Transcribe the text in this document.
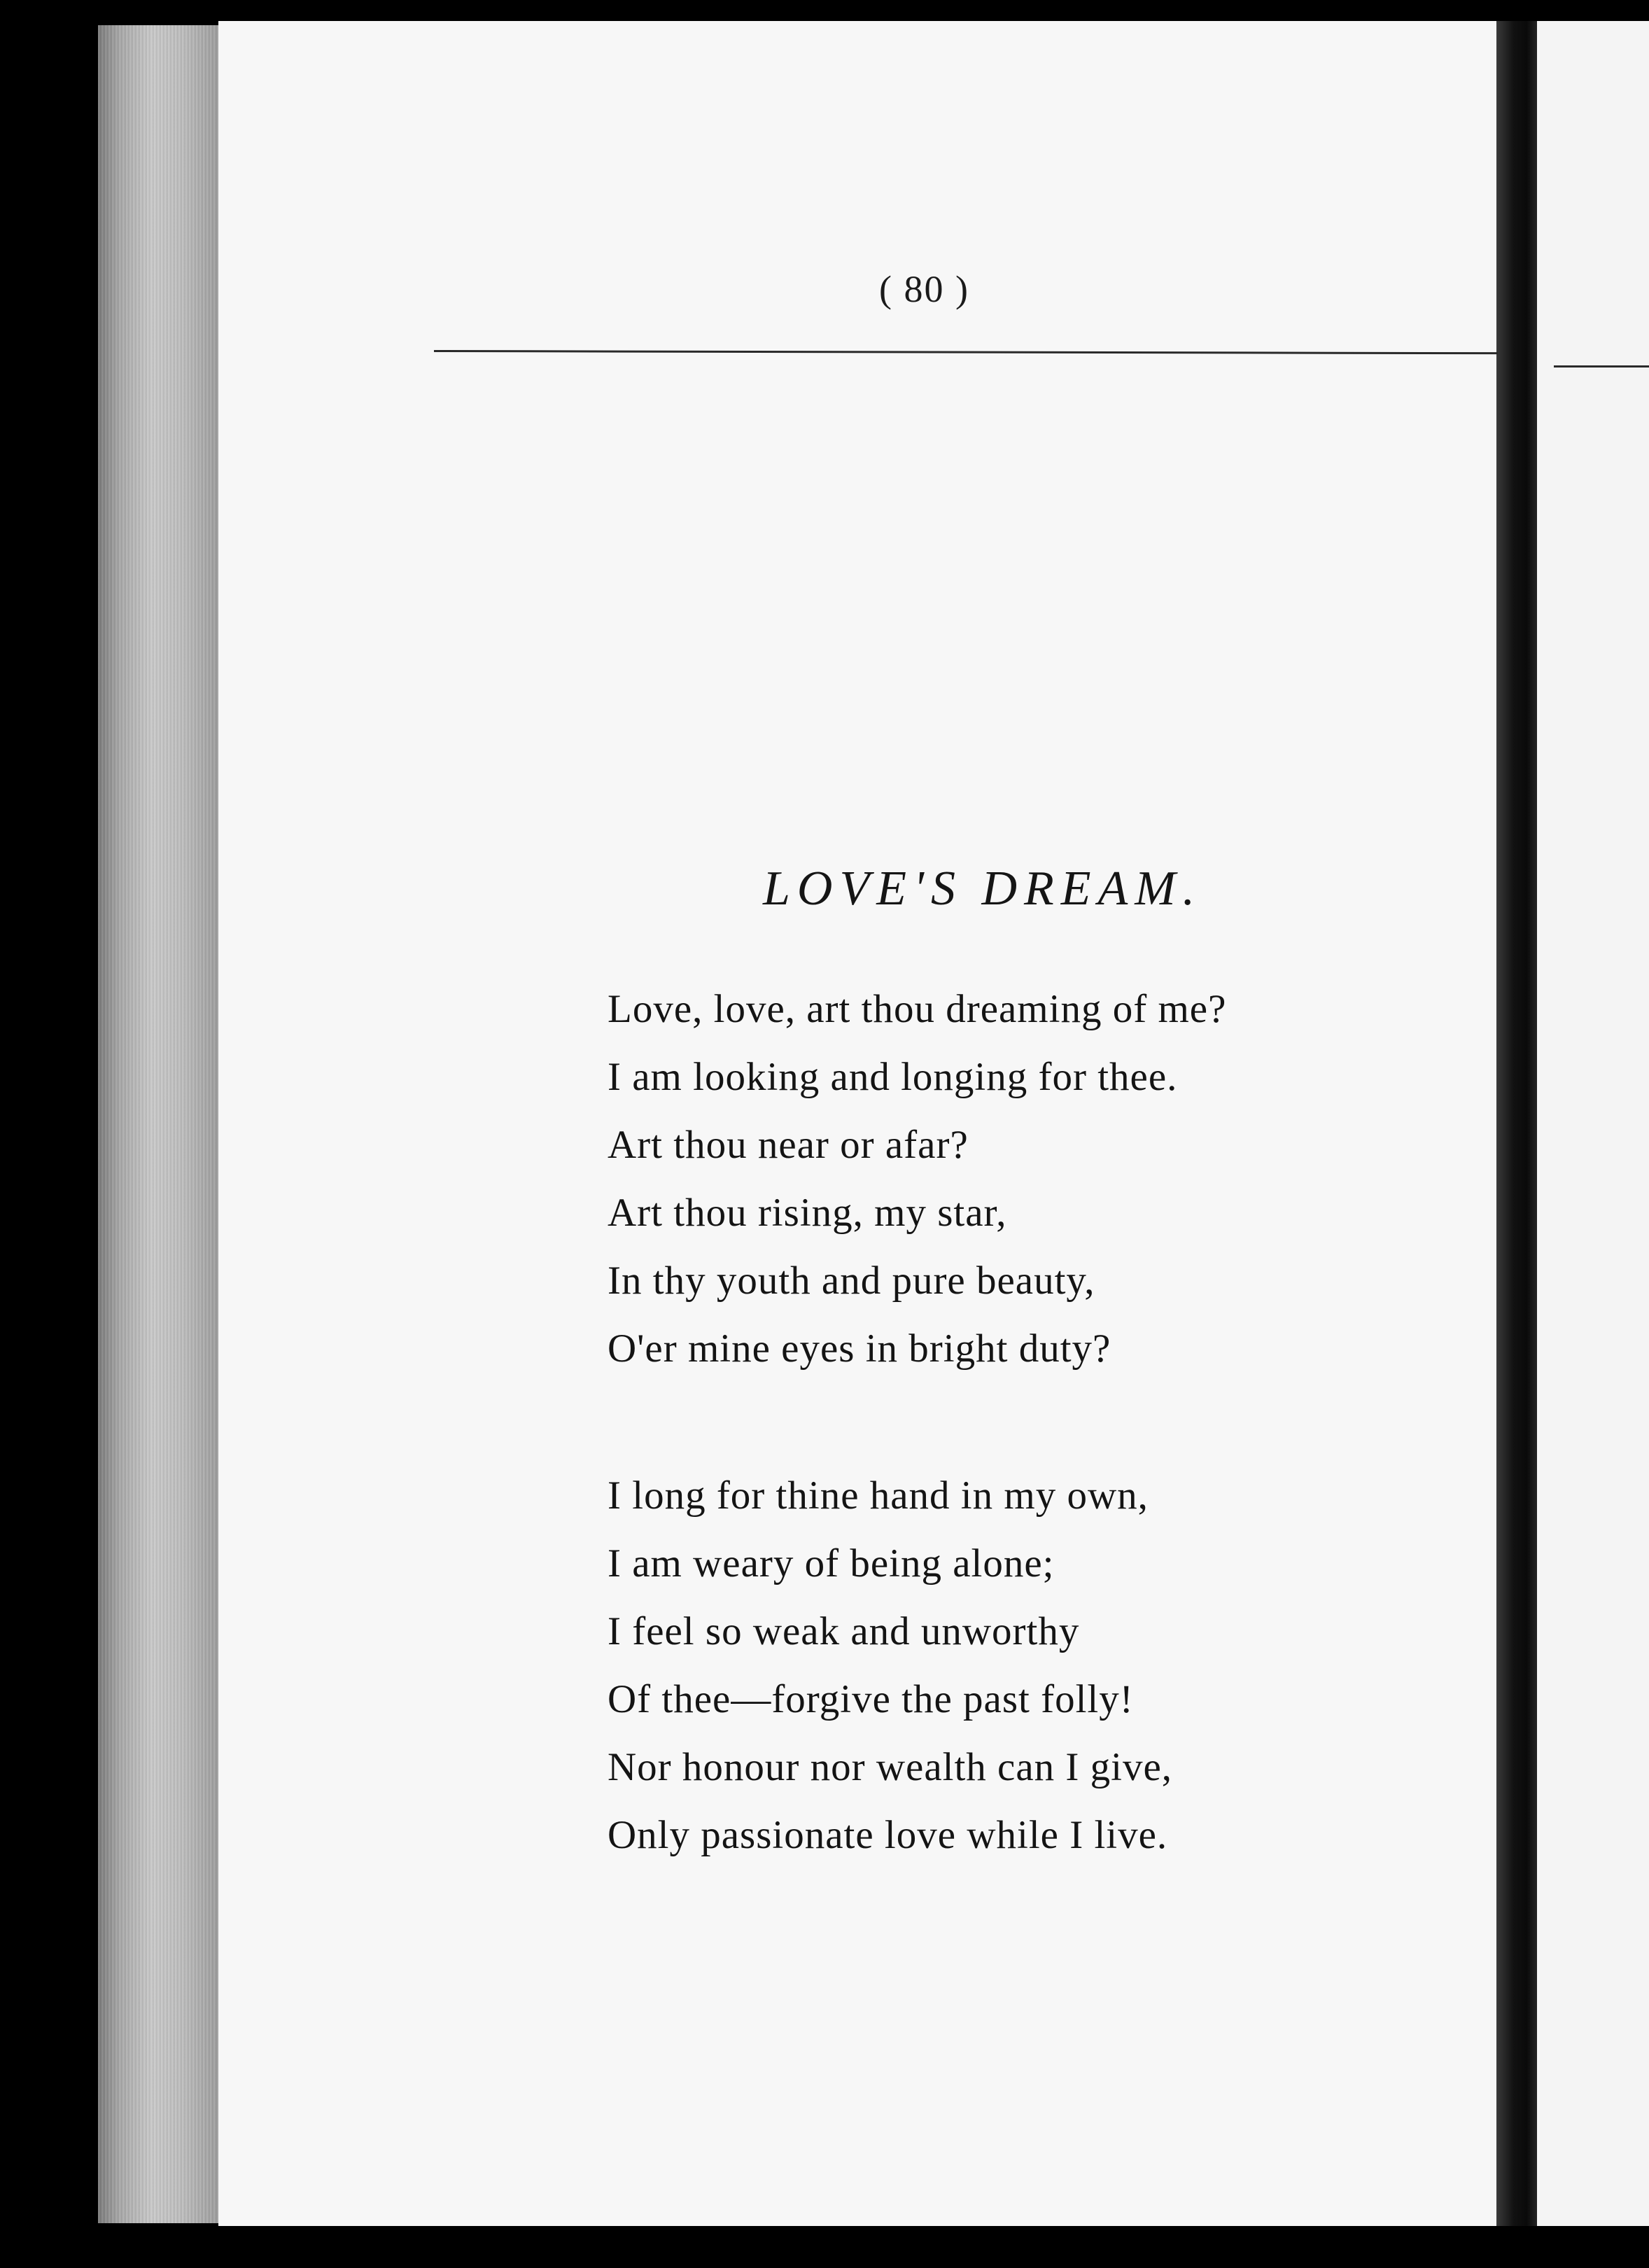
( 80 )
LOVE'S DREAM.
Love, love, art thou dreaming of me?
I am looking and longing for thee.
Art thou near or afar?
Art thou rising, my star,
In thy youth and pure beauty,
O'er mine eyes in bright duty?
I long for thine hand in my own,
I am weary of being alone;
I feel so weak and unworthy
Of thee—forgive the past folly!
Nor honour nor wealth can I give,
Only passionate love while I live.
